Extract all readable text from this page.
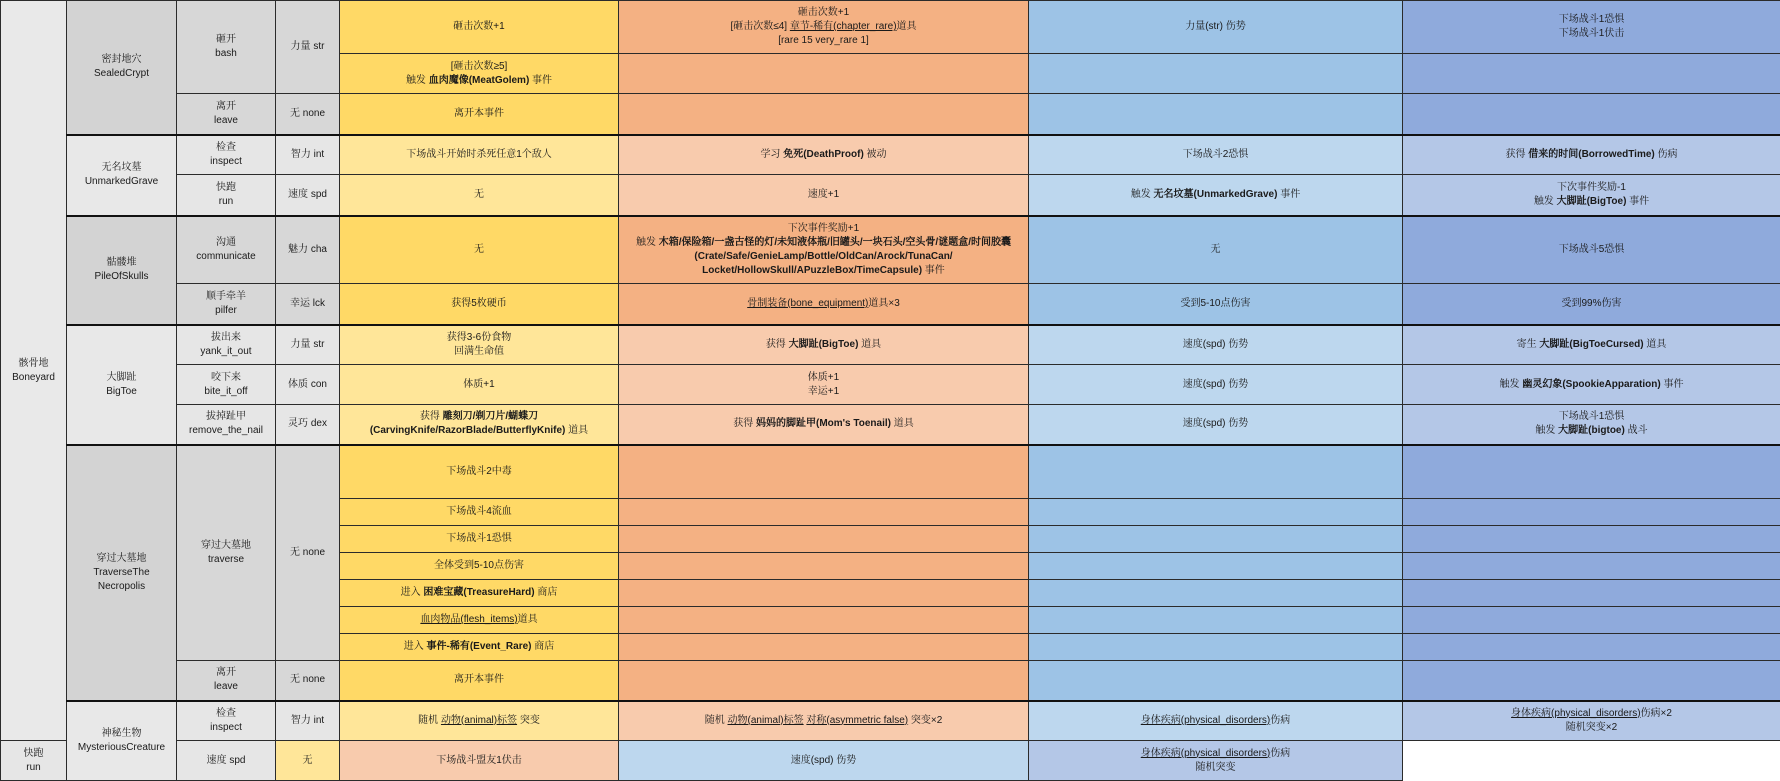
骸骨地
Boneyard	密封地穴
SealedCrypt	砸开
bash	力量 str	砸击次数+1	砸击次数+1
[砸击次数≤4] 章节-稀有(chapter_rare)道具
[rare 15 very_rare 1]	力量(str) 伤势	下场战斗1恐惧
下场战斗1伏击

				[砸击次数≥5]
触发 血肉魔像(MeatGolem) 事件			

		离开
leave	无 none	离开本事件			

	无名坟墓
UnmarkedGrave	检查
inspect	智力 int	下场战斗开始时杀死任意1个敌人	学习 免死(DeathProof) 被动	下场战斗2恐惧	获得 借来的时间(BorrowedTime) 伤病

		快跑
run	速度 spd	无	速度+1	触发 无名坟墓(UnmarkedGrave) 事件	下次事件奖励-1
触发 大脚趾(BigToe) 事件

	骷髅堆
PileOfSkulls	沟通
communicate	魅力 cha	无	下次事件奖励+1
触发 木箱/保险箱/一盏古怪的灯/未知液体瓶/旧罐头/一块石头/空头骨/谜题盒/时间胶囊
(Crate/Safe/GenieLamp/Bottle/OldCan/Arock/TunaCan/
Locket/HollowSkull/APuzzleBox/TimeCapsule) 事件	无	下场战斗5恐惧

		顺手牵羊
pilfer	幸运 lck	获得5枚硬币	骨制装备(bone_equipment)道具×3	受到5-10点伤害	受到99%伤害

	大脚趾
BigToe	拔出来
yank_it_out	力量 str	获得3-6份食物
回满生命值	获得 大脚趾(BigToe) 道具	速度(spd) 伤势	寄生 大脚趾(BigToeCursed) 道具

		咬下来
bite_it_off	体质 con	体质+1	体质+1
幸运+1	速度(spd) 伤势	触发 幽灵幻象(SpookieApparation) 事件

		拔掉趾甲
remove_the_nail	灵巧 dex	获得 雕刻刀/剃刀片/蝴蝶刀
(CarvingKnife/RazorBlade/ButterflyKnife) 道具	获得 妈妈的脚趾甲(Mom's Toenail) 道具	速度(spd) 伤势	下场战斗1恐惧
触发 大脚趾(bigtoe) 战斗

	穿过大墓地
TraverseThe
Necropolis	穿过大墓地
traverse	无 none	下场战斗2中毒			
				下场战斗4流血			
				下场战斗1恐惧			
				全体受到5-10点伤害			
				进入 困难宝藏(TreasureHard) 商店			
				血肉物品(flesh_items)道具			
				进入 事件-稀有(Event_Rare) 商店			

		离开
leave	无 none	离开本事件			

	神秘生物
MysteriousCreature	检查
inspect	智力 int	随机 动物(animal)标签 突变	随机 动物(animal)标签 对称(asymmetric false) 突变×2	身体疾病(physical_disorders)伤病	身体疾病(physical_disorders)伤病×2
随机突变×2

快跑
run		速度 spd	无	下场战斗盟友1伏击	速度(spd) 伤势	身体疾病(physical_disorders)伤病
随机突变	
